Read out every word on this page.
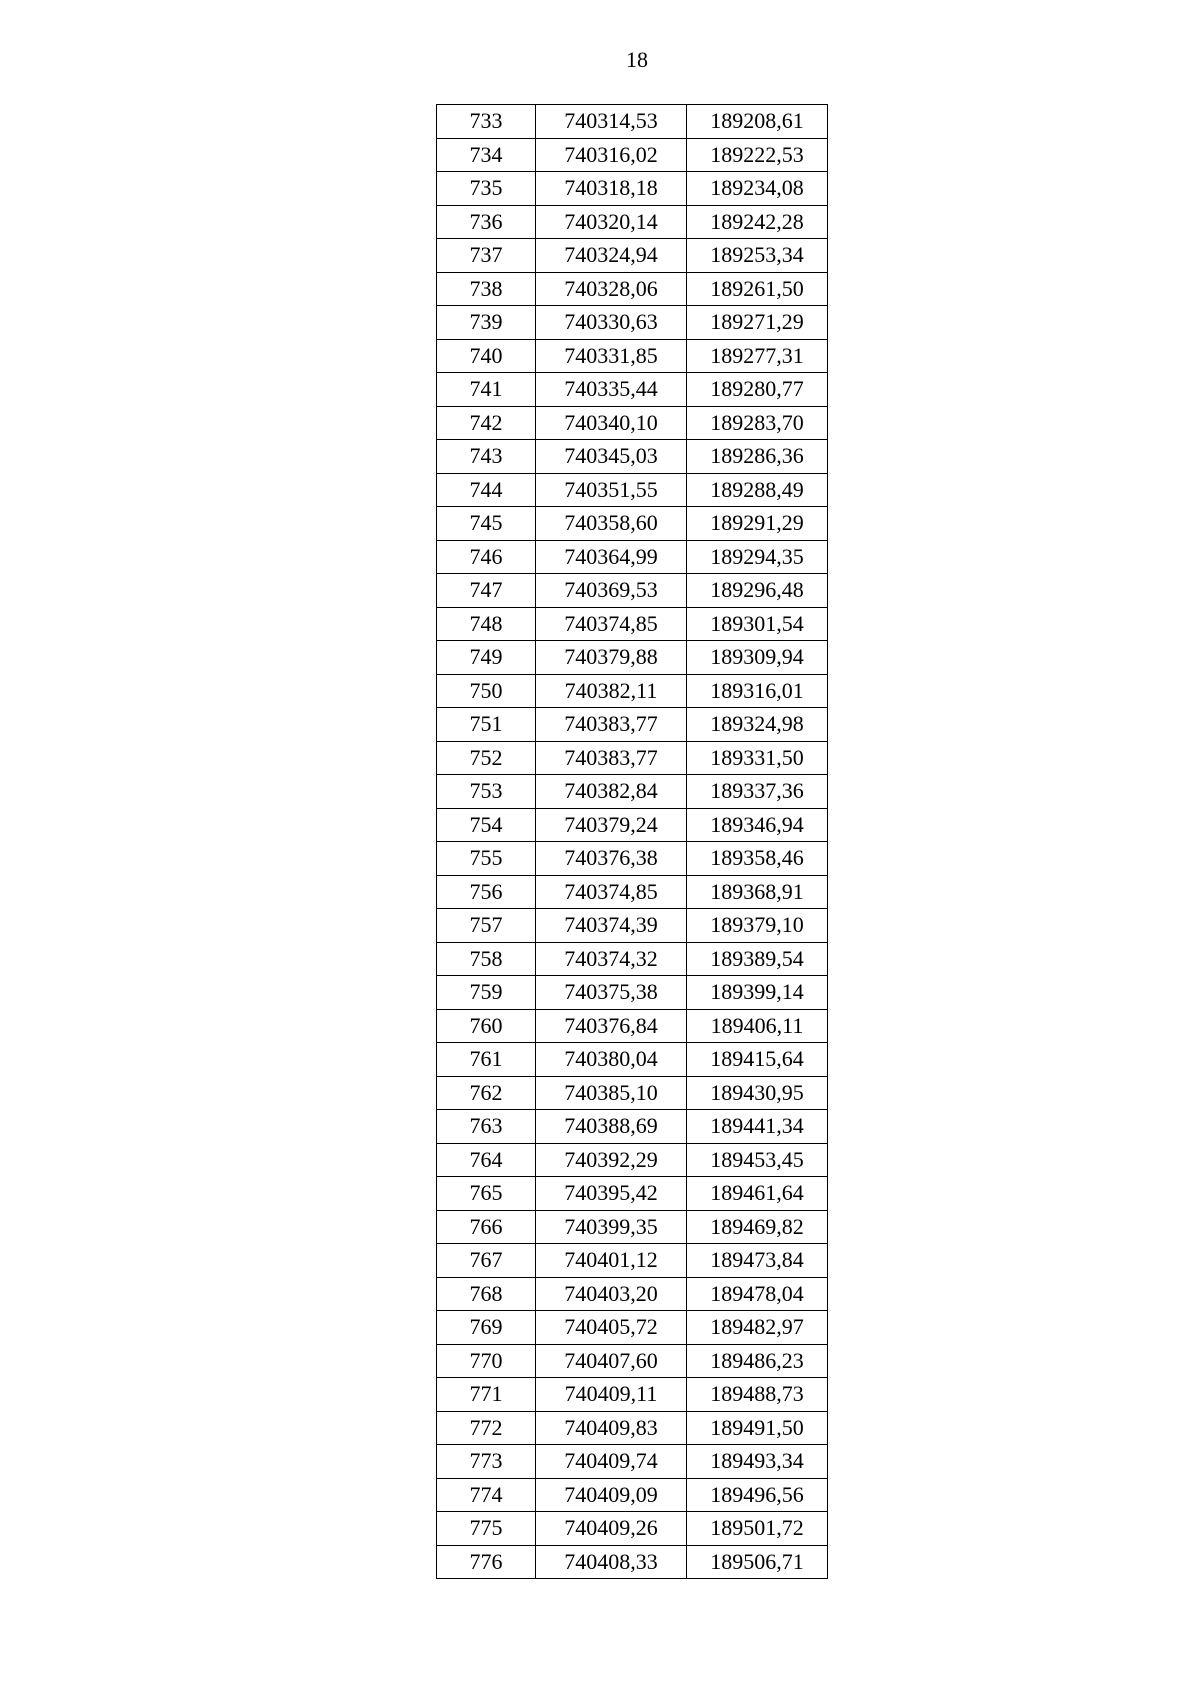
18
733	740314,53	189208,61
734	740316,02	189222,53
735	740318,18	189234,08
736	740320,14	189242,28
737	740324,94	189253,34
738	740328,06	189261,50
739	740330,63	189271,29
740	740331,85	189277,31
741	740335,44	189280,77
742	740340,10	189283,70
743	740345,03	189286,36
744	740351,55	189288,49
745	740358,60	189291,29
746	740364,99	189294,35
747	740369,53	189296,48
748	740374,85	189301,54
749	740379,88	189309,94
750	740382,11	189316,01
751	740383,77	189324,98
752	740383,77	189331,50
753	740382,84	189337,36
754	740379,24	189346,94
755	740376,38	189358,46
756	740374,85	189368,91
757	740374,39	189379,10
758	740374,32	189389,54
759	740375,38	189399,14
760	740376,84	189406,11
761	740380,04	189415,64
762	740385,10	189430,95
763	740388,69	189441,34
764	740392,29	189453,45
765	740395,42	189461,64
766	740399,35	189469,82
767	740401,12	189473,84
768	740403,20	189478,04
769	740405,72	189482,97
770	740407,60	189486,23
771	740409,11	189488,73
772	740409,83	189491,50
773	740409,74	189493,34
774	740409,09	189496,56
775	740409,26	189501,72
776	740408,33	189506,71
